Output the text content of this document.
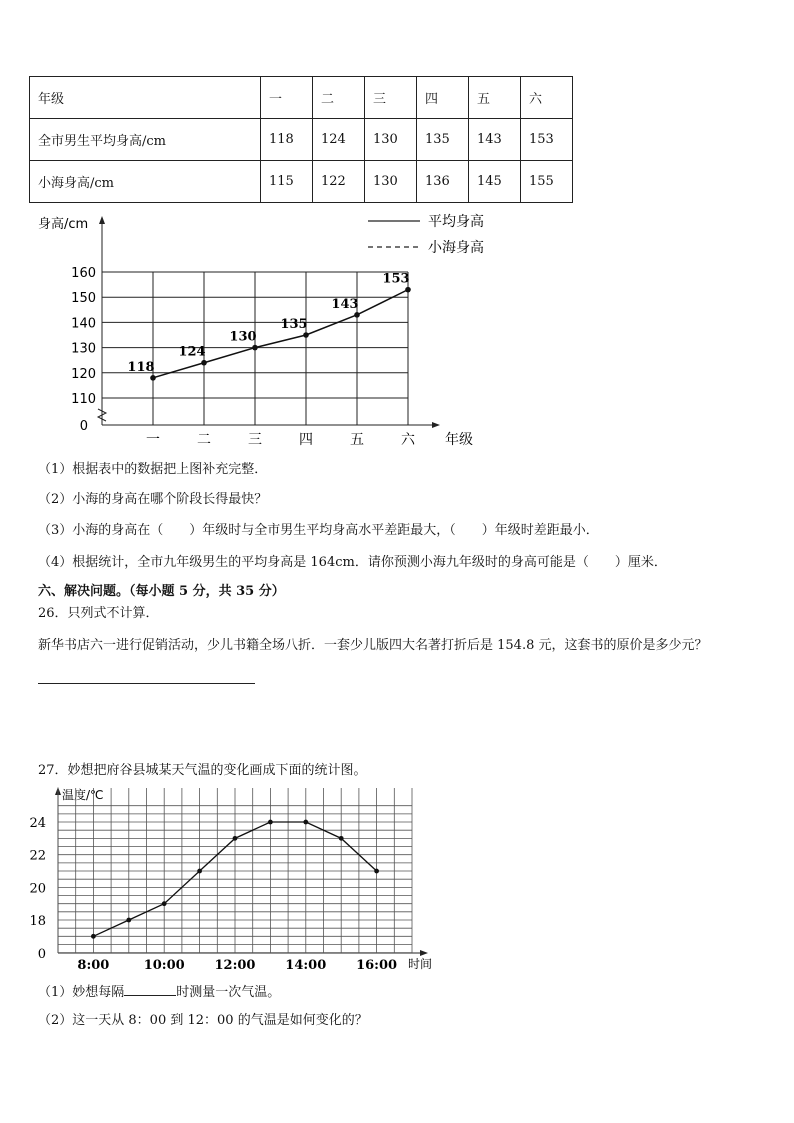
年级	一	二	三	四	五	六
全市男生平均身高/cm	118	124	130	135	143	153
小海身高/cm	115	122	130	136	145	155
身高/cm
0
年级
平均身高
小海身高
160
150
140
130
120
110
一	二	三	四	五	六
118
124
130
135
143
153
温度/℃
0
时间
24
22
20
18
8:00	10:00 12:00 14:00 16:00
（1）根据表中的数据把上图补充完整．
（2）小海的身高在哪个阶段长得最快？
（3）小海的身高在（　　）年级时与全市男生平均身高水平差距最大，（　　）年级时差距最小．
（4）根据统计，全市九年级男生的平均身高是 164cm．请你预测小海九年级时的身高可能是（　　）厘米．
六、解决问题。（每小题 5 分，共 35 分）
26．只列式不计算．
新华书店六一进行促销活动，少儿书籍全场八折．一套少儿版四大名著打折后是 154.8 元，这套书的原价是多少元？
27．妙想把府谷县城某天气温的变化画成下面的统计图。
（1）妙想每隔	时测量一次气温。
（2）这一天从 8：00 到 12：00 的气温是如何变化的？
